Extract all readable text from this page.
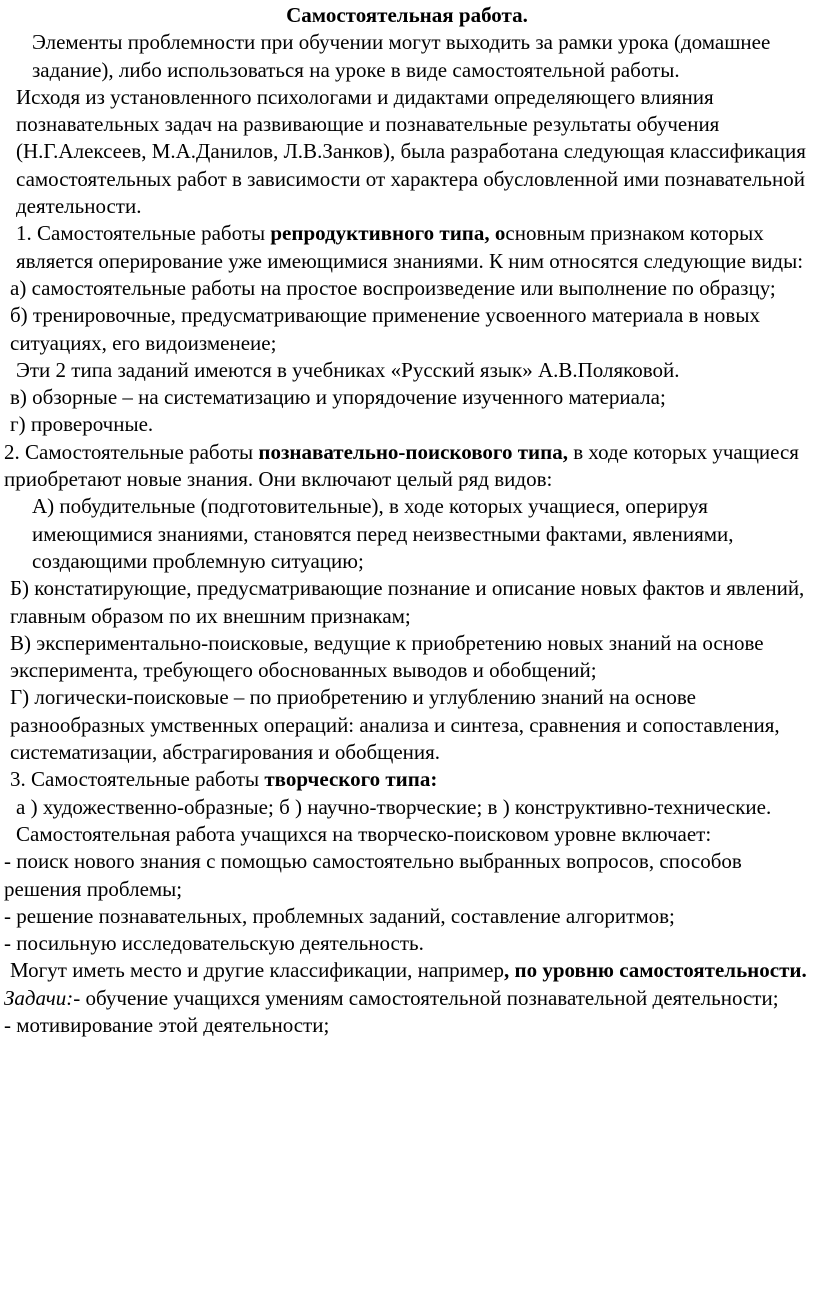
Самостоятельная работа.

Элементы проблемности при обучении могут выходить за рамки урока (домашнее задание), либо использоваться на уроке в виде самостоятельной работы.

Исходя из установленного психологами и дидактами определяющего влияния познавательных задач на развивающие и познавательные результаты обучения (Н.Г.Алексеев, М.А.Данилов, Л.В.Занков), была разработана следующая классификация самостоятельных работ в зависимости от характера обусловленной ими познавательной деятельности.

1. Самостоятельные работы репродуктивного типа, основным признаком которых является оперирование уже имеющимися знаниями. К ним относятся следующие виды:

а) самостоятельные работы на простое воспроизведение или выполнение по образцу;

б) тренировочные, предусматривающие применение усвоенного материала в новых ситуациях, его видоизменеие;

Эти 2 типа заданий имеются в учебниках «Русский язык» А.В.Поляковой.

в) обзорные – на систематизацию и упорядочение изученного материала;

г) проверочные.

2. Самостоятельные работы познавательно-поискового типа, в ходе которых учащиеся приобретают новые знания. Они включают целый ряд видов:

А) побудительные (подготовительные), в ходе которых учащиеся, оперируя имеющимися знаниями, становятся перед неизвестными фактами, явлениями, создающими проблемную ситуацию;

Б) констатирующие, предусматривающие познание и описание новых фактов и явлений, главным образом по их внешним признакам;

В) экспериментально-поисковые, ведущие к приобретению новых знаний на основе эксперимента, требующего обоснованных выводов и обобщений;

Г) логически-поисковые – по приобретению и углублению знаний на основе разнообразных умственных операций: анализа и синтеза, сравнения и сопоставления, систематизации, абстрагирования и обобщения.

3. Самостоятельные работы творческого типа:

а ) художественно-образные; б ) научно-творческие; в ) конструктивно-технические.

Самостоятельная работа учащихся на творческо-поисковом уровне включает:

- поиск нового знания с помощью самостоятельно выбранных вопросов, способов решения проблемы;

- решение познавательных, проблемных заданий, составление алгоритмов;

- посильную исследовательскую деятельность.

Могут иметь место и другие классификации, например, по уровню самостоятельности.

Задачи:- обучение учащихся умениям самостоятельной познавательной деятельности;

- мотивирование этой деятельности;
